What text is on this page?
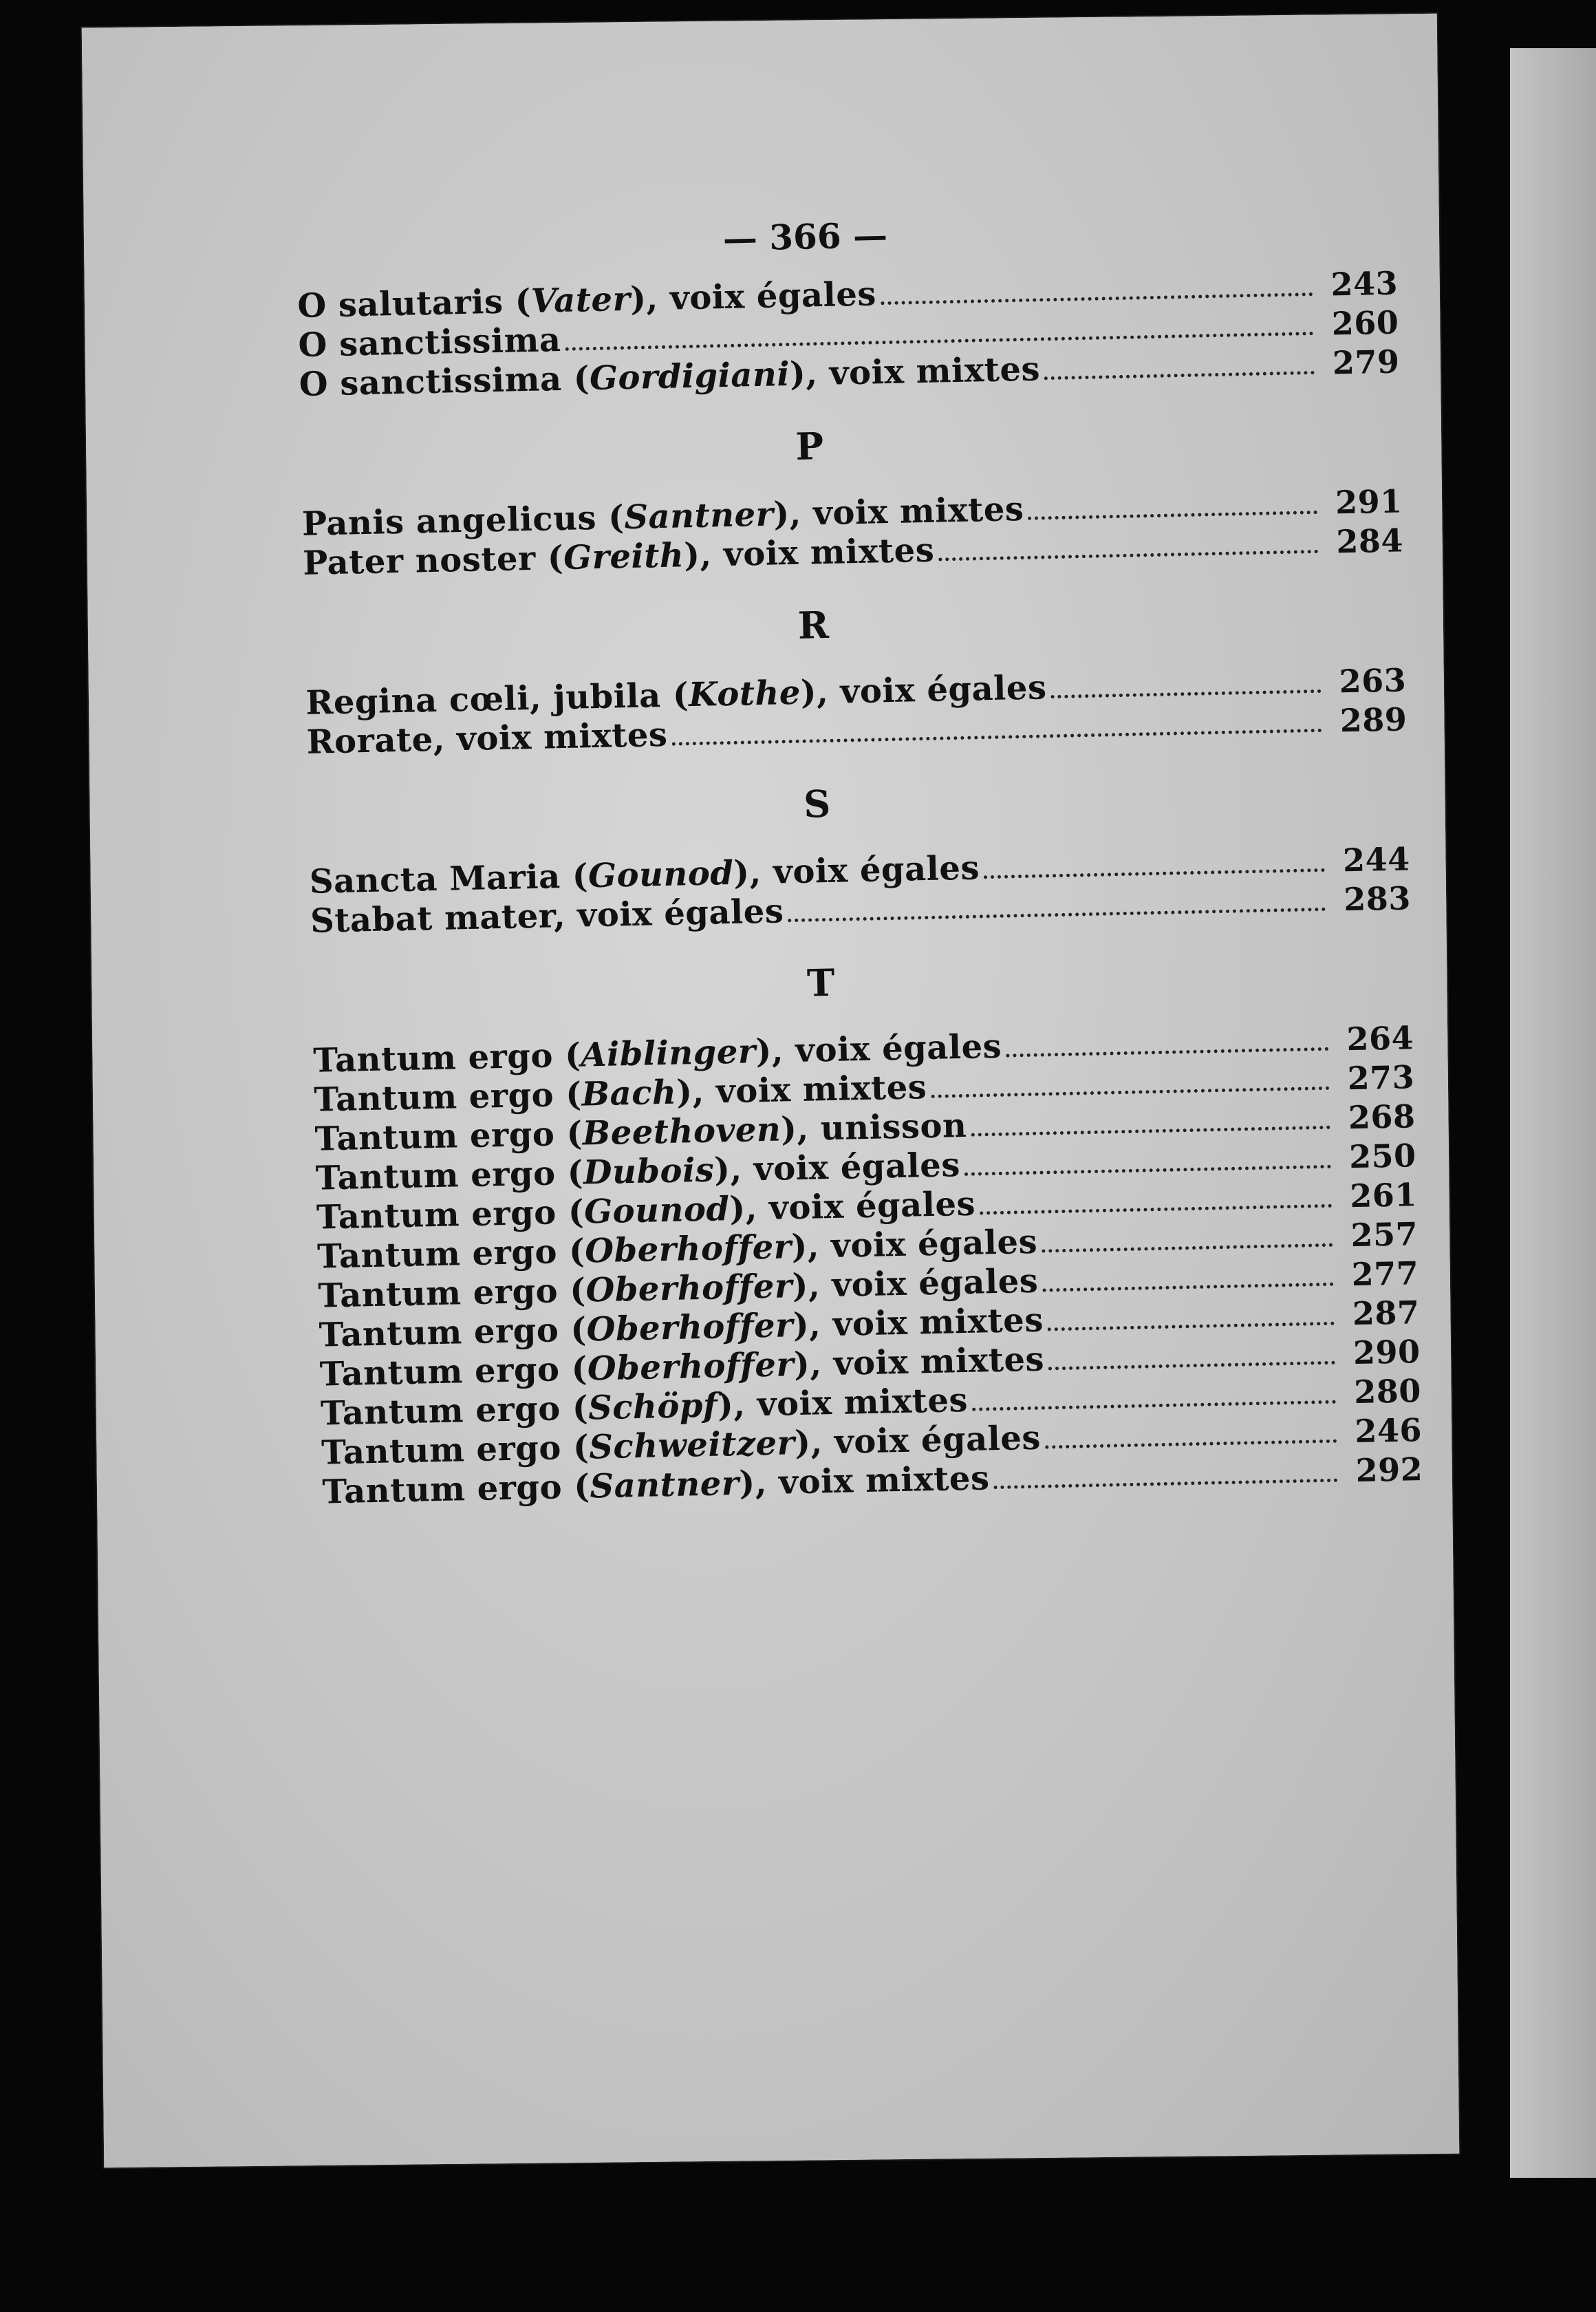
— 366 —
O salutaris (Vater), voix égales	243
O sanctissima	260
O sanctissima (Gordigiani), voix mixtes	279
P
Panis angelicus (Santner), voix mixtes	291
Pater noster (Greith), voix mixtes	284
R
Regina cœli, jubila (Kothe), voix égales	263
Rorate, voix mixtes	289
S
Sancta Maria (Gounod), voix égales	244
Stabat mater, voix égales	283
T
Tantum ergo (Aiblinger), voix égales	264
Tantum ergo (Bach), voix mixtes	273
Tantum ergo (Beethoven), unisson	268
Tantum ergo (Dubois), voix égales	250
Tantum ergo (Gounod), voix égales	261
Tantum ergo (Oberhoffer), voix égales	257
Tantum ergo (Oberhoffer), voix égales	277
Tantum ergo (Oberhoffer), voix mixtes	287
Tantum ergo (Oberhoffer), voix mixtes	290
Tantum ergo (Schöpf), voix mixtes	280
Tantum ergo (Schweitzer), voix égales	246
Tantum ergo (Santner), voix mixtes	292
